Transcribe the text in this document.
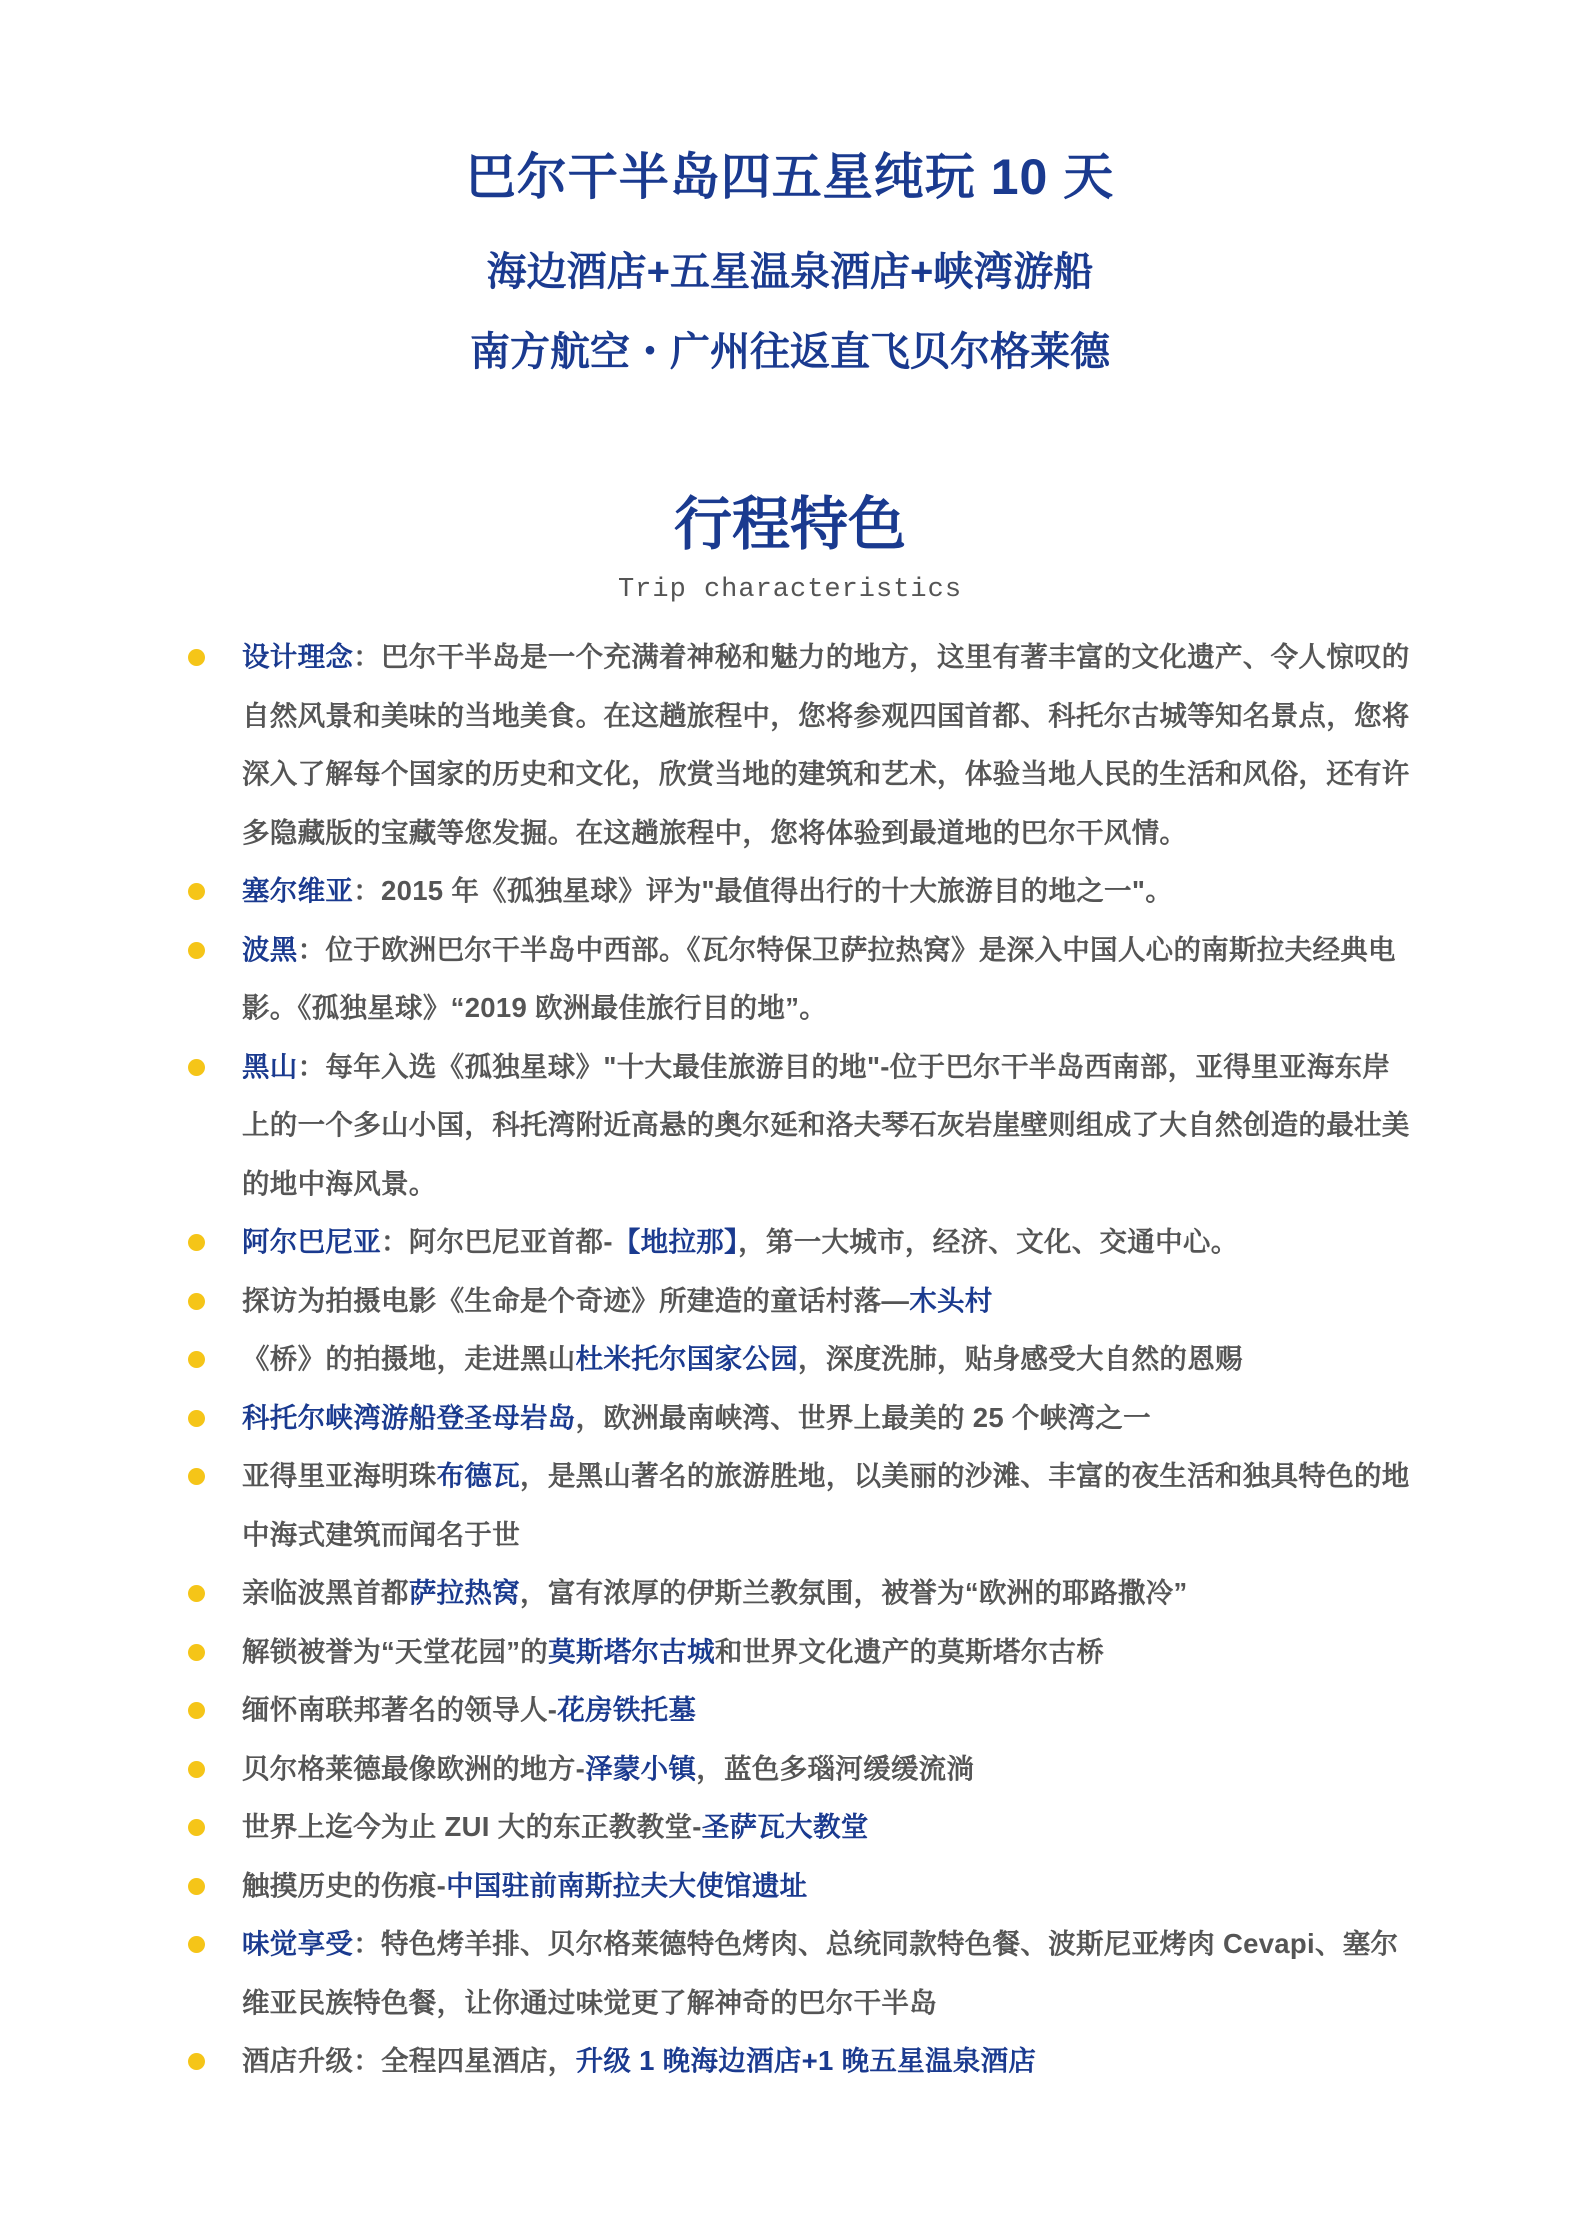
巴尔干半岛四五星纯玩 10 天
海边酒店+五星温泉酒店+峡湾游船
南方航空・广州往返直飞贝尔格莱德
行程特色
Trip characteristics
设计理念：巴尔干半岛是一个充满着神秘和魅力的地方，这里有著丰富的文化遗产、令人惊叹的自然风景和美味的当地美食。在这趟旅程中，您将参观四国首都、科托尔古城等知名景点，您将深入了解每个国家的历史和文化，欣赏当地的建筑和艺术，体验当地人民的生活和风俗，还有许多隐藏版的宝藏等您发掘。在这趟旅程中，您将体验到最道地的巴尔干风情。
塞尔维亚：2015 年《孤独星球》评为"最值得出行的十大旅游目的地之一"。
波黑：位于欧洲巴尔干半岛中西部。《瓦尔特保卫萨拉热窝》是深入中国人心的南斯拉夫经典电影。《孤独星球》“2019 欧洲最佳旅行目的地”。
黑山：每年入选《孤独星球》"十大最佳旅游目的地"-位于巴尔干半岛西南部，亚得里亚海东岸上的一个多山小国，科托湾附近高悬的奥尔延和洛夫琴石灰岩崖壁则组成了大自然创造的最壮美的地中海风景。
阿尔巴尼亚：阿尔巴尼亚首都-【地拉那】，第一大城市，经济、文化、交通中心。
探访为拍摄电影《生命是个奇迹》所建造的童话村落—木头村
《桥》的拍摄地，走进黑山杜米托尔国家公园，深度洗肺，贴身感受大自然的恩赐
科托尔峡湾游船登圣母岩岛，欧洲最南峡湾、世界上最美的 25 个峡湾之一
亚得里亚海明珠布德瓦，是黑山著名的旅游胜地，以美丽的沙滩、丰富的夜生活和独具特色的地中海式建筑而闻名于世
亲临波黑首都萨拉热窝，富有浓厚的伊斯兰教氛围，被誉为“欧洲的耶路撒冷”
解锁被誉为“天堂花园”的莫斯塔尔古城和世界文化遗产的莫斯塔尔古桥
缅怀南联邦著名的领导人-花房铁托墓
贝尔格莱德最像欧洲的地方-泽蒙小镇，蓝色多瑙河缓缓流淌
世界上迄今为止 ZUI 大的东正教教堂-圣萨瓦大教堂
触摸历史的伤痕-中国驻前南斯拉夫大使馆遗址
味觉享受：特色烤羊排、贝尔格莱德特色烤肉、总统同款特色餐、波斯尼亚烤肉 Cevapi、塞尔维亚民族特色餐，让你通过味觉更了解神奇的巴尔干半岛
酒店升级：全程四星酒店，升级 1 晚海边酒店+1 晚五星温泉酒店
